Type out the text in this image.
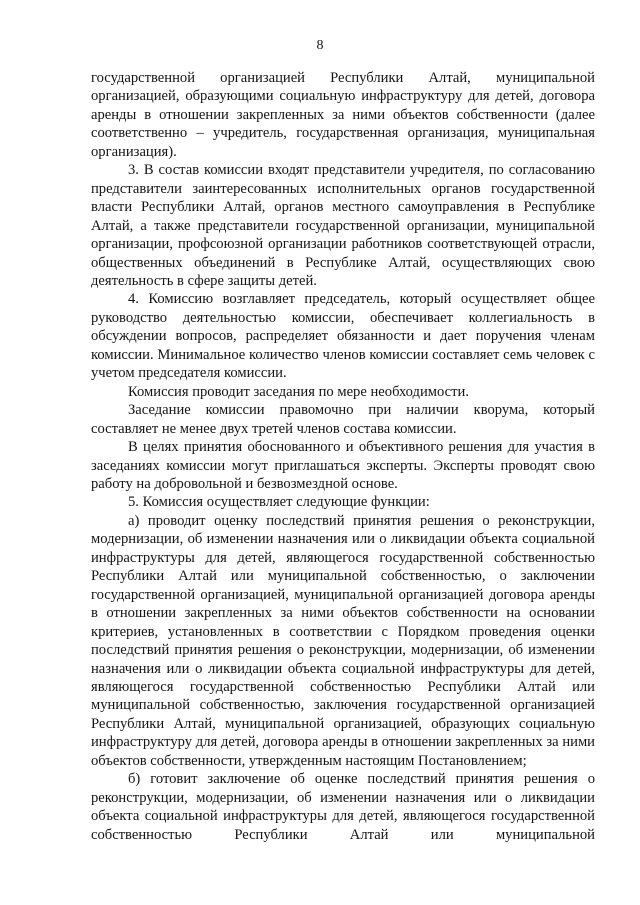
8

государственной организацией Республики Алтай, муниципальной организацией, образующими социальную инфраструктуру для детей, договора аренды в отношении закрепленных за ними объектов собственности (далее соответственно – учредитель, государственная организация, муниципальная организация).

3. В состав комиссии входят представители учредителя, по согласованию представители заинтересованных исполнительных органов государственной власти Республики Алтай, органов местного самоуправления в Республике Алтай, а также представители государственной организации, муниципальной организации, профсоюзной организации работников соответствующей отрасли, общественных объединений в Республике Алтай, осуществляющих свою деятельность в сфере защиты детей.

4. Комиссию возглавляет председатель, который осуществляет общее руководство деятельностью комиссии, обеспечивает коллегиальность в обсуждении вопросов, распределяет обязанности и дает поручения членам комиссии. Минимальное количество членов комиссии составляет семь человек с учетом председателя комиссии.

Комиссия проводит заседания по мере необходимости.

Заседание комиссии правомочно при наличии кворума, который составляет не менее двух третей членов состава комиссии.

В целях принятия обоснованного и объективного решения для участия в заседаниях комиссии могут приглашаться эксперты. Эксперты проводят свою работу на добровольной и безвозмездной основе.

5. Комиссия осуществляет следующие функции:

а) проводит оценку последствий принятия решения о реконструкции, модернизации, об изменении назначения или о ликвидации объекта социальной инфраструктуры для детей, являющегося государственной собственностью Республики Алтай или муниципальной собственностью, о заключении государственной организацией, муниципальной организацией договора аренды в отношении закрепленных за ними объектов собственности на основании критериев, установленных в соответствии с Порядком проведения оценки последствий принятия решения о реконструкции, модернизации, об изменении назначения или о ликвидации объекта социальной инфраструктуры для детей, являющегося государственной собственностью Республики Алтай или муниципальной собственностью, заключения государственной организацией Республики Алтай, муниципальной организацией, образующих социальную инфраструктуру для детей, договора аренды в отношении закрепленных за ними объектов собственности, утвержденным настоящим Постановлением;

б) готовит заключение об оценке последствий принятия решения о реконструкции, модернизации, об изменении назначения или о ликвидации объекта социальной инфраструктуры для детей, являющегося государственной собственностью Республики Алтай или муниципальной
